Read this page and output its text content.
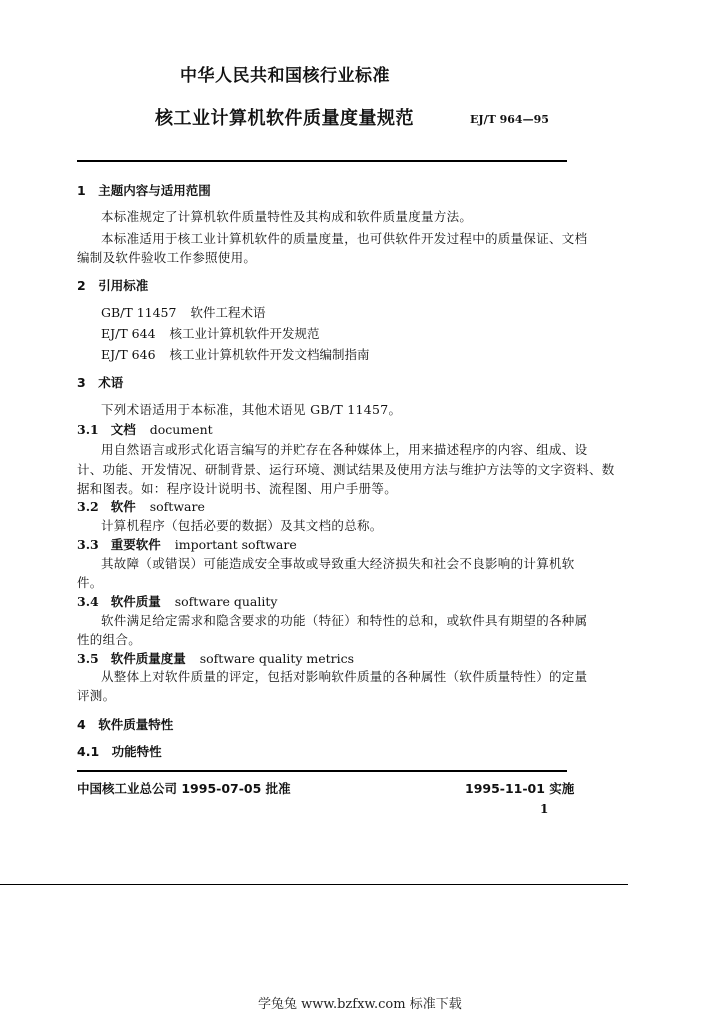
中华人民共和国核行业标准
核工业计算机软件质量度量规范	EJ/T 964—95
1　主题内容与适用范围
本标准规定了计算机软件质量特性及其构成和软件质量度量方法。
本标准适用于核工业计算机软件的质量度量，也可供软件开发过程中的质量保证、文档
编制及软件验收工作参照使用。
2　引用标准
GB/T 11457 软件工程术语
EJ/T 644 核工业计算机软件开发规范
EJ/T 646 核工业计算机软件开发文档编制指南
3　术语
下列术语适用于本标准，其他术语见 GB/T 11457。
3.1 文档 document
用自然语言或形式化语言编写的并贮存在各种媒体上，用来描述程序的内容、组成、设
计、功能、开发情况、研制背景、运行环境、测试结果及使用方法与维护方法等的文字资料、数
据和图表。如：程序设计说明书、流程图、用户手册等。
3.2 软件 software
计算机程序（包括必要的数据）及其文档的总称。
3.3 重要软件 important software
其故障（或错误）可能造成安全事故或导致重大经济损失和社会不良影响的计算机软
件。
3.4 软件质量 software quality
软件满足给定需求和隐含要求的功能（特征）和特性的总和，或软件具有期望的各种属
性的组合。
3.5 软件质量度量 software quality metrics
从整体上对软件质量的评定，包括对影响软件质量的各种属性（软件质量特性）的定量
评测。
4　软件质量特性
4.1　功能特性
中国核工业总公司 1995-07-05 批准	1995-11-01 实施
1
学兔兔 www.bzfxw.com 标准下载
